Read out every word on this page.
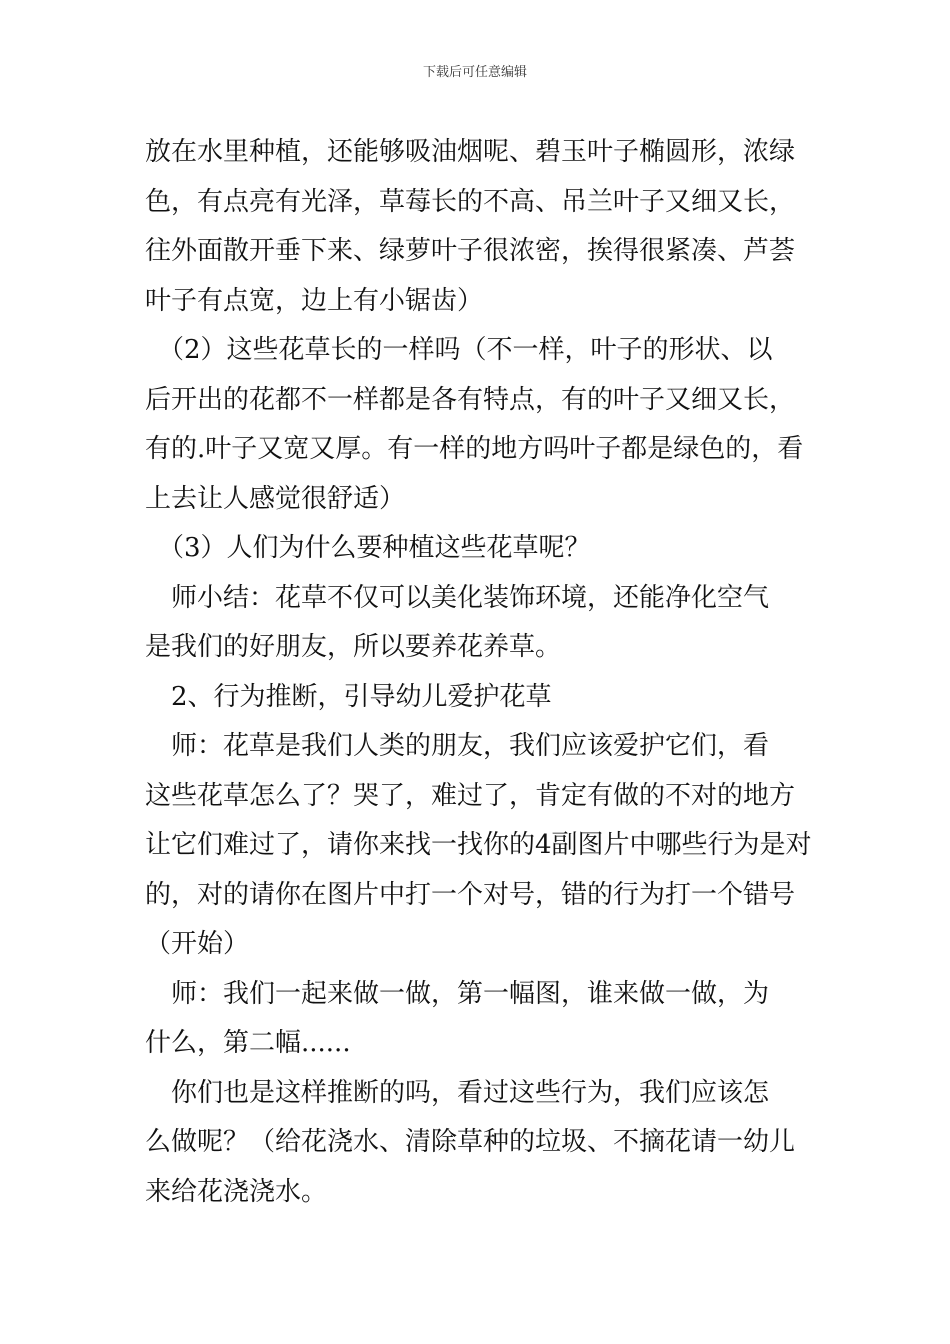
下载后可任意编辑
放在水里种植，还能够吸油烟呢、碧玉叶子椭圆形，浓绿
色，有点亮有光泽，草莓长的不高、吊兰叶子又细又长，
往外面散开垂下来、绿萝叶子很浓密，挨得很紧凑、芦荟
叶子有点宽，边上有小锯齿）
　（2）这些花草长的一样吗（不一样，叶子的形状、以
后开出的花都不一样都是各有特点，有的叶子又细又长，
有的.叶子又宽又厚。有一样的地方吗叶子都是绿色的，看
上去让人感觉很舒适）
　（3）人们为什么要种植这些花草呢？
　师小结：花草不仅可以美化装饰环境，还能净化空气
是我们的好朋友，所以要养花养草。
　2、行为推断，引导幼儿爱护花草
　师：花草是我们人类的朋友，我们应该爱护它们，看
这些花草怎么了？哭了，难过了，肯定有做的不对的地方
让它们难过了，请你来找一找你的4副图片中哪些行为是对
的，对的请你在图片中打一个对号，错的行为打一个错号
（开始）
　师：我们一起来做一做，第一幅图，谁来做一做，为
什么，第二幅......
　你们也是这样推断的吗，看过这些行为，我们应该怎
么做呢？（给花浇水、清除草种的垃圾、不摘花请一幼儿
来给花浇浇水。
